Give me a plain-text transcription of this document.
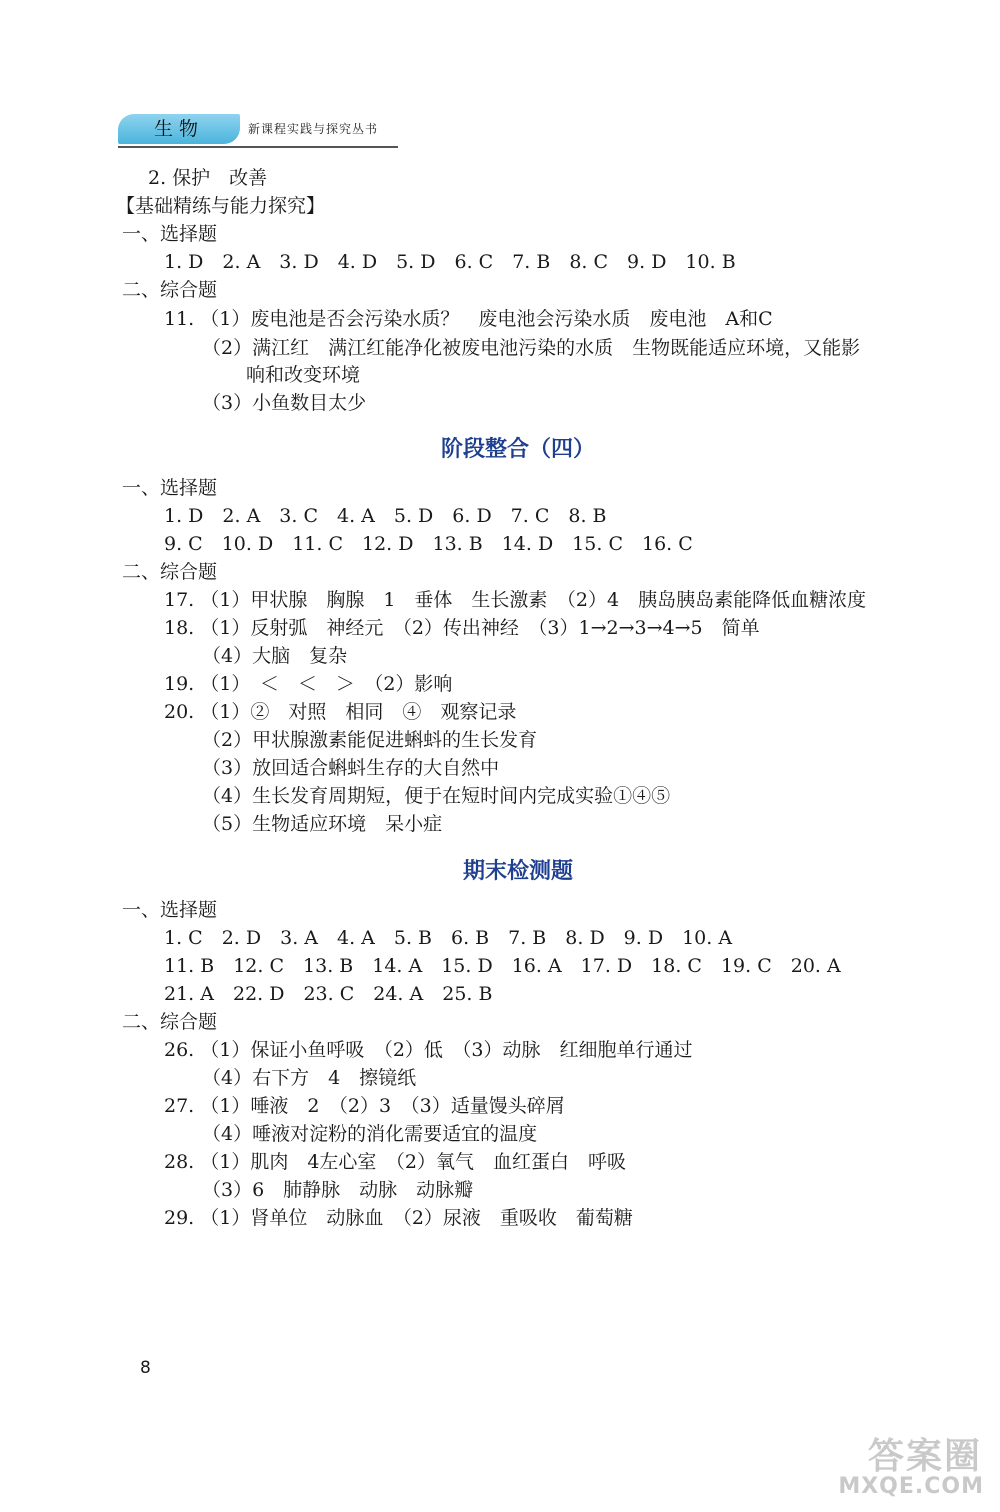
生物	新课程实践与探究丛书
2. 保护　改善
【基础精练与能力探究】
一、选择题
1. D　2. A　3. D　4. D　5. D　6. C　7. B　8. C　9. D　10. B
二、综合题
11. （1）废电池是否会污染水质？　废电池会污染水质　废电池　A和C
（2）满江红　满江红能净化被废电池污染的水质　生物既能适应环境，又能影
响和改变环境
（3）小鱼数目太少
阶段整合（四）
一、选择题
1. D　2. A　3. C　4. A　5. D　6. D　7. C　8. B
9. C　10. D　11. C　12. D　13. B　14. D　15. C　16. C
二、综合题
17. （1）甲状腺　胸腺　1　垂体　生长激素　（2）4　胰岛胰岛素能降低血糖浓度
18. （1）反射弧　神经元　（2）传出神经　（3）1→2→3→4→5　简单
（4）大脑　复杂
19. （1）　＜　＜　＞　（2）影响
20. （1）②　对照　相同　④　观察记录
（2）甲状腺激素能促进蝌蚪的生长发育
（3）放回适合蝌蚪生存的大自然中
（4）生长发育周期短，便于在短时间内完成实验①④⑤
（5）生物适应环境　呆小症
期末检测题
一、选择题
1. C　2. D　3. A　4. A　5. B　6. B　7. B　8. D　9. D　10. A
11. B　12. C　13. B　14. A　15. D　16. A　17. D　18. C　19. C　20. A
21. A　22. D　23. C　24. A　25. B
二、综合题
26. （1）保证小鱼呼吸　（2）低　（3）动脉　红细胞单行通过
（4）右下方　4　擦镜纸
27. （1）唾液　2　（2）3　（3）适量馒头碎屑
（4）唾液对淀粉的消化需要适宜的温度
28. （1）肌肉　4左心室　（2）氧气　血红蛋白　呼吸
（3）6　肺静脉　动脉　动脉瓣
29. （1）肾单位　动脉血　（2）尿液　重吸收　葡萄糖
8
答案圈
MXQE.COM
